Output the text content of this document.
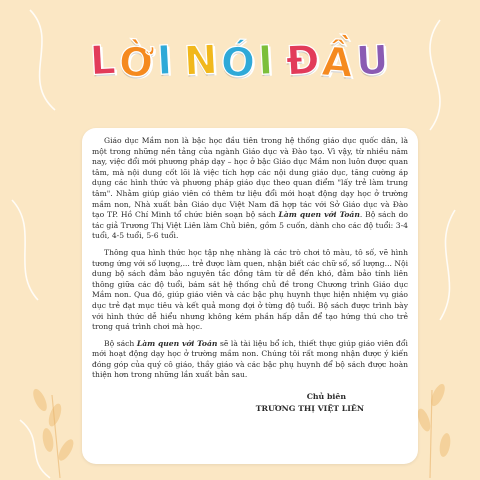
L Ờ I
N Ó I
Đ Ầ U

Giáo dục Mầm non là bậc học đầu tiên trong hệ thống giáo dục quốc dân, là một trong những nền tảng của ngành Giáo dục và Đào tạo. Vì vậy, từ nhiều năm nay, việc đổi mới phương pháp dạy – học ở bậc Giáo dục Mầm non luôn được quan tâm, mà nội dung cốt lõi là việc tích hợp các nội dung giáo dục, tăng cường áp dụng các hình thức và phương pháp giáo dục theo quan điểm "lấy trẻ làm trung tâm". Nhằm giúp giáo viên có thêm tư liệu đổi mới hoạt động dạy học ở trường mầm non, Nhà xuất bản Giáo dục Việt Nam đã hợp tác với Sở Giáo dục và Đào tạo TP. Hồ Chí Minh tổ chức biên soạn bộ sách Làm quen với Toán. Bộ sách do tác giả Trương Thị Việt Liên làm Chủ biên, gồm 5 cuốn, dành cho các độ tuổi: 3-4 tuổi, 4-5 tuổi, 5-6 tuổi.

Thông qua hình thức học tập nhẹ nhàng là các trò chơi tô màu, tô số, vẽ hình tương ứng với số lượng,... trẻ được làm quen, nhận biết các chữ số, số lượng... Nội dung bộ sách đảm bảo nguyên tắc đồng tâm từ dễ đến khó, đảm bảo tính liên thông giữa các độ tuổi, bám sát hệ thống chủ đề trong Chương trình Giáo dục Mầm non. Qua đó, giúp giáo viên và các bậc phụ huynh thực hiện nhiệm vụ giáo dục trẻ đạt mục tiêu và kết quả mong đợi ở từng độ tuổi. Bộ sách được trình bày với hình thức dễ hiểu nhưng không kém phần hấp dẫn để tạo hứng thú cho trẻ trong quá trình chơi mà học.

Bộ sách Làm quen với Toán sẽ là tài liệu bổ ích, thiết thực giúp giáo viên đổi mới hoạt động dạy học ở trường mầm non. Chúng tôi rất mong nhận được ý kiến đóng góp của quý cô giáo, thầy giáo và các bậc phụ huynh để bộ sách được hoàn thiện hơn trong những lần xuất bản sau.

Chủ biên
TRƯƠNG THỊ VIỆT LIÊN
